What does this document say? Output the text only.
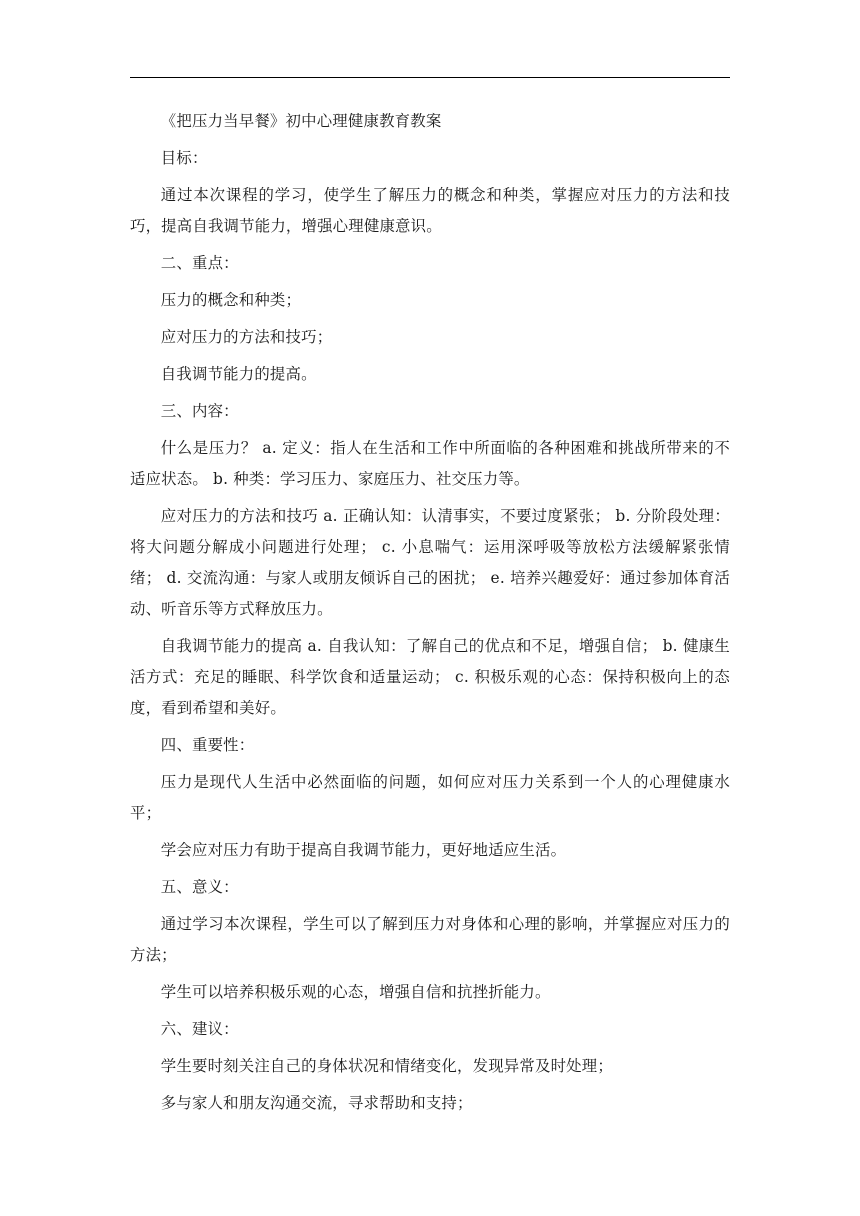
《把压力当早餐》初中心理健康教育教案

目标：

通过本次课程的学习，使学生了解压力的概念和种类，掌握应对压力的方法和技巧，提高自我调节能力，增强心理健康意识。

二、重点：

压力的概念和种类；

应对压力的方法和技巧；

自我调节能力的提高。

三、内容：

什么是压力？ a. 定义：指人在生活和工作中所面临的各种困难和挑战所带来的不适应状态。 b. 种类：学习压力、家庭压力、社交压力等。

应对压力的方法和技巧 a. 正确认知：认清事实，不要过度紧张； b. 分阶段处理：将大问题分解成小问题进行处理； c. 小息喘气：运用深呼吸等放松方法缓解紧张情绪； d. 交流沟通：与家人或朋友倾诉自己的困扰； e. 培养兴趣爱好：通过参加体育活动、听音乐等方式释放压力。

自我调节能力的提高 a. 自我认知：了解自己的优点和不足，增强自信； b. 健康生活方式：充足的睡眠、科学饮食和适量运动； c. 积极乐观的心态：保持积极向上的态度，看到希望和美好。

四、重要性：

压力是现代人生活中必然面临的问题，如何应对压力关系到一个人的心理健康水平；

学会应对压力有助于提高自我调节能力，更好地适应生活。

五、意义：

通过学习本次课程，学生可以了解到压力对身体和心理的影响，并掌握应对压力的方法；

学生可以培养积极乐观的心态，增强自信和抗挫折能力。

六、建议：

学生要时刻关注自己的身体状况和情绪变化，发现异常及时处理；

多与家人和朋友沟通交流，寻求帮助和支持；
